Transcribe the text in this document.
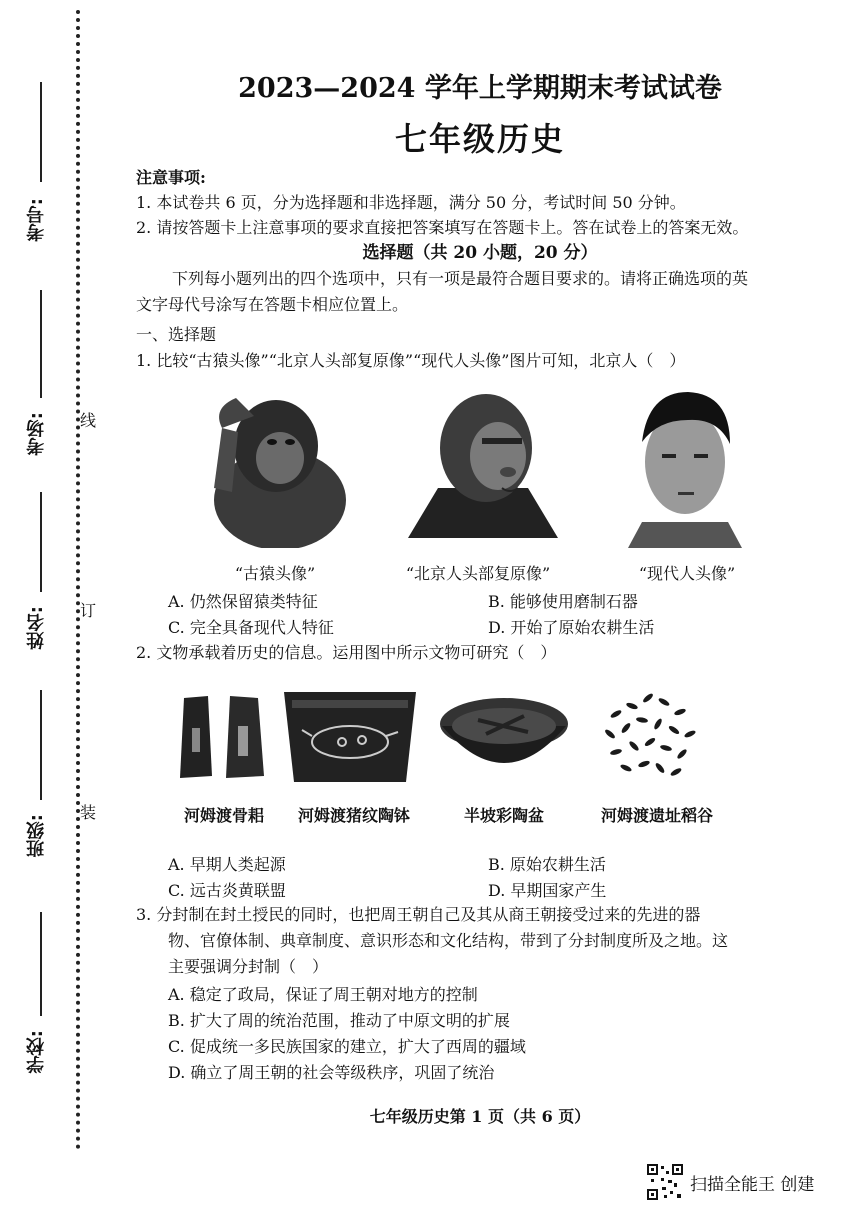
考号:
考场:
姓名:
班级:
学校:
线
订
装
2023—2024 学年上学期期末考试试卷
七年级历史
注意事项:
1. 本试卷共 6 页，分为选择题和非选择题，满分 50 分，考试时间 50 分钟。
2. 请按答题卡上注意事项的要求直接把答案填写在答题卡上。答在试卷上的答案无效。
选择题（共 20 小题，20 分）
下列每小题列出的四个选项中，只有一项是最符合题目要求的。请将正确选项的英
文字母代号涂写在答题卡相应位置上。
一、选择题
1. 比较“古猿头像”“北京人头部复原像”“现代人头像”图片可知，北京人（　）
“古猿头像”	“北京人头部复原像”	“现代人头像”
A. 仍然保留猿类特征	B. 能够使用磨制石器
C. 完全具备现代人特征	D. 开始了原始农耕生活
2. 文物承载着历史的信息。运用图中所示文物可研究（　）
河姆渡骨耜	河姆渡猪纹陶钵	半坡彩陶盆	河姆渡遗址稻谷
A. 早期人类起源	B. 原始农耕生活
C. 远古炎黄联盟	D. 早期国家产生
3. 分封制在封土授民的同时，也把周王朝自己及其从商王朝接受过来的先进的器
物、官僚体制、典章制度、意识形态和文化结构，带到了分封制度所及之地。这
主要强调分封制（　）
A. 稳定了政局，保证了周王朝对地方的控制
B. 扩大了周的统治范围，推动了中原文明的扩展
C. 促成统一多民族国家的建立，扩大了西周的疆域
D. 确立了周王朝的社会等级秩序，巩固了统治
七年级历史第 1 页（共 6 页）
扫描全能王 创建
